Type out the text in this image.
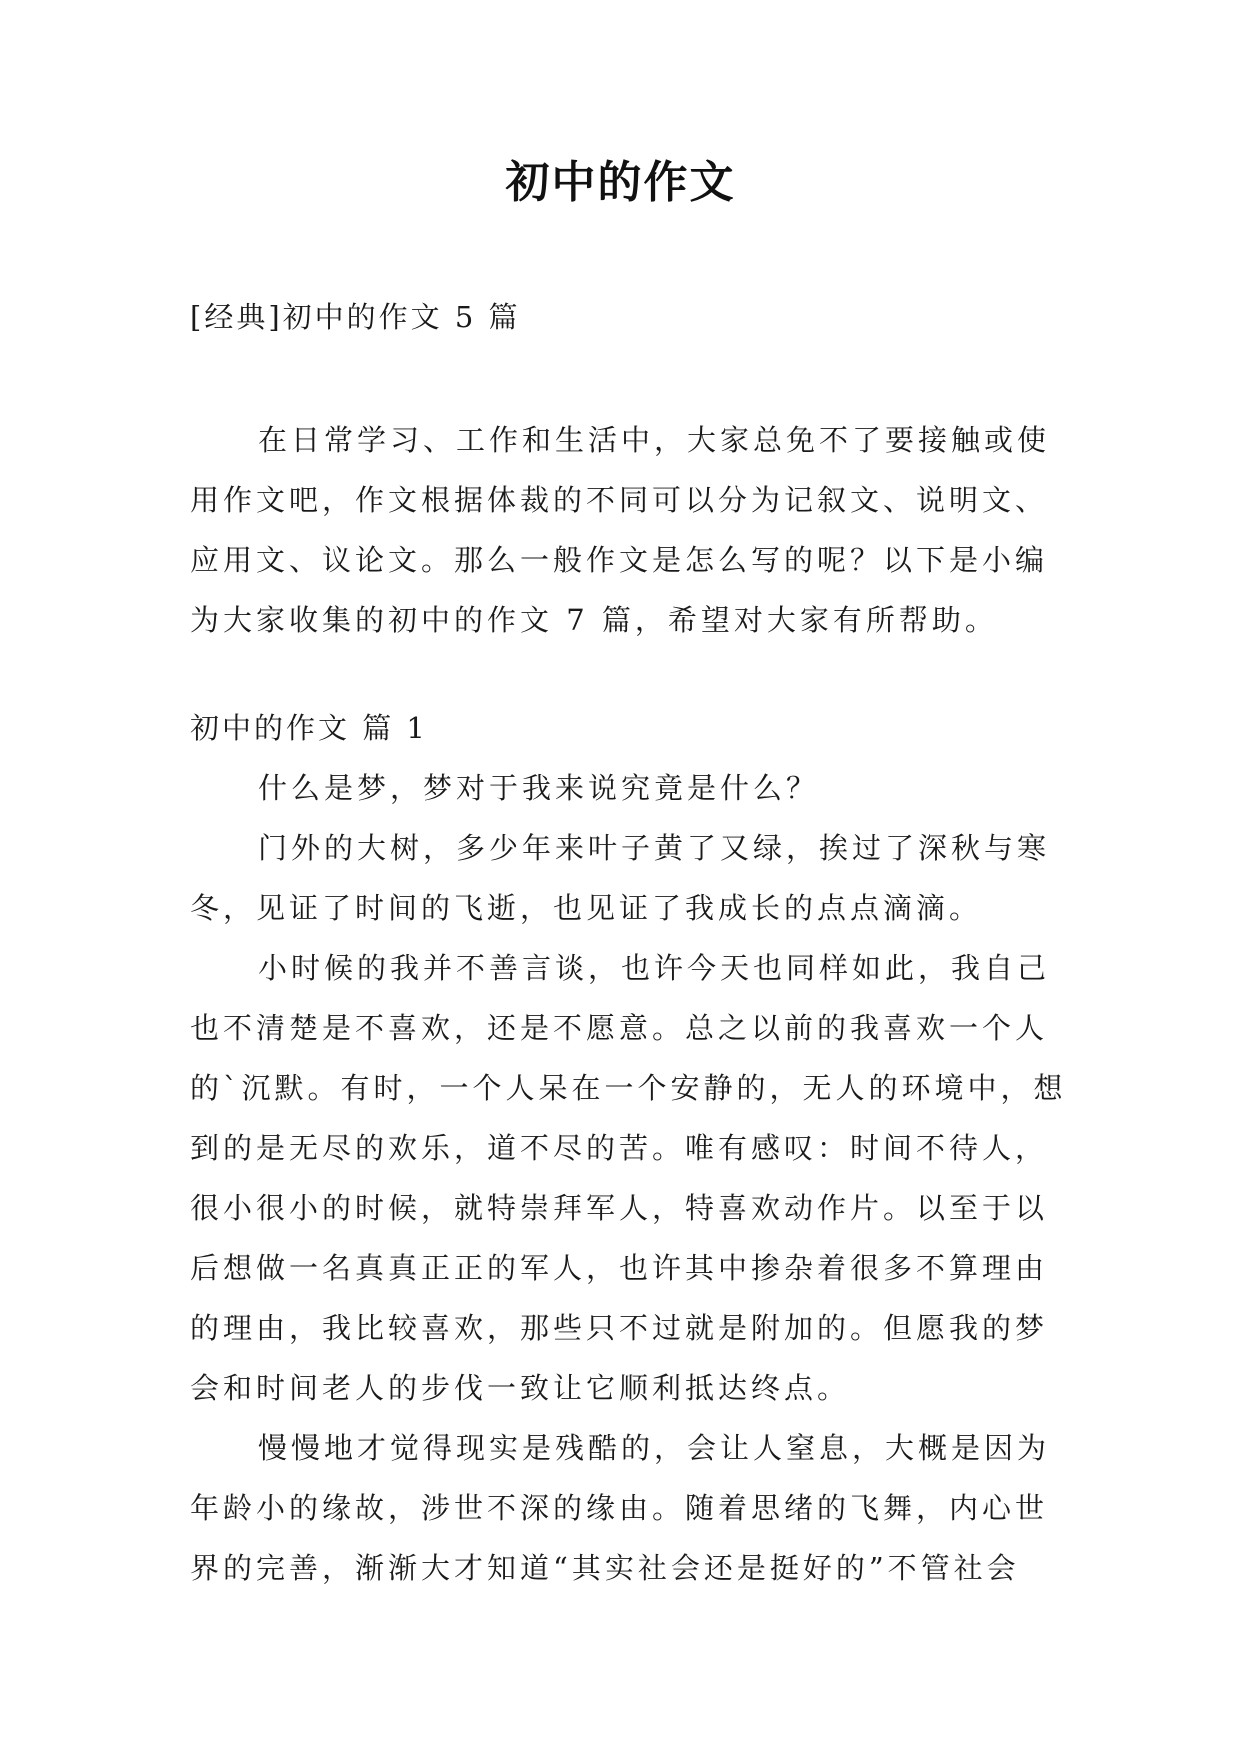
初中的作文

[经典]初中的作文 5 篇

在日常学习、工作和生活中，大家总免不了要接触或使用作文吧，作文根据体裁的不同可以分为记叙文、说明文、应用文、议论文。那么一般作文是怎么写的呢？以下是小编为大家收集的初中的作文 7 篇，希望对大家有所帮助。

初中的作文 篇 1

什么是梦，梦对于我来说究竟是什么？

门外的大树，多少年来叶子黄了又绿，挨过了深秋与寒冬，见证了时间的飞逝，也见证了我成长的点点滴滴。

小时候的我并不善言谈，也许今天也同样如此，我自己也不清楚是不喜欢，还是不愿意。总之以前的我喜欢一个人的`沉默。有时，一个人呆在一个安静的，无人的环境中，想到的是无尽的欢乐，道不尽的苦。唯有感叹：时间不待人，很小很小的时候，就特崇拜军人，特喜欢动作片。以至于以后想做一名真真正正的军人，也许其中掺杂着很多不算理由的理由，我比较喜欢，那些只不过就是附加的。但愿我的梦会和时间老人的步伐一致让它顺利抵达终点。

慢慢地才觉得现实是残酷的，会让人窒息，大概是因为年龄小的缘故，涉世不深的缘由。随着思绪的飞舞，内心世界的完善，渐渐大才知道“其实社会还是挺好的”不管社会
